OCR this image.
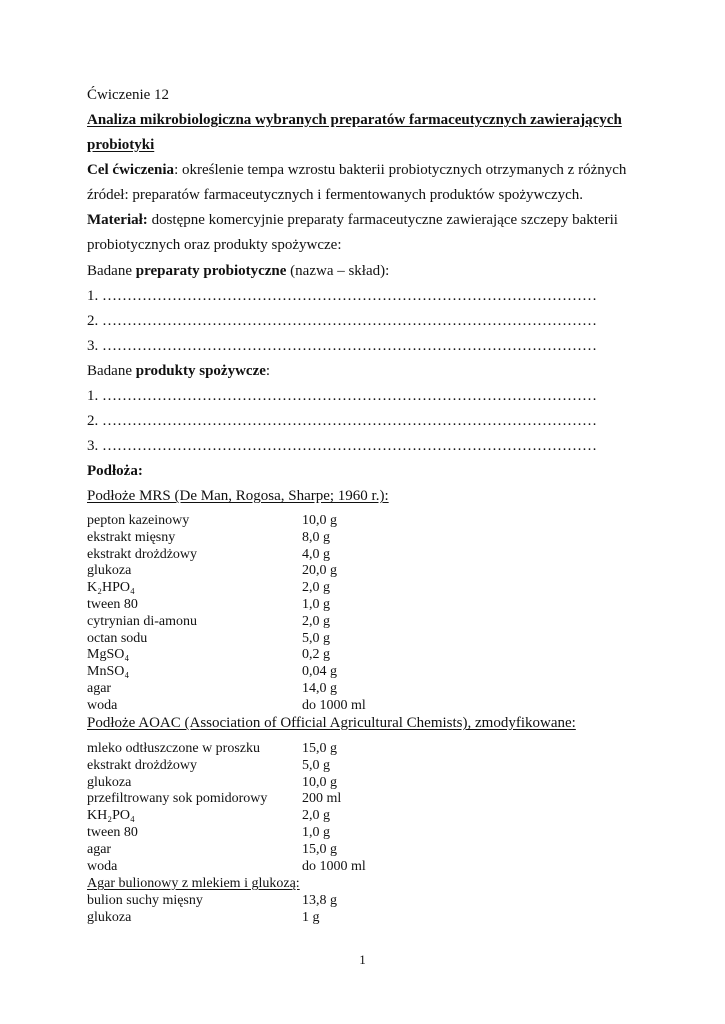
Ćwiczenie 12
Analiza mikrobiologiczna wybranych preparatów farmaceutycznych zawierających
probiotyki
Cel ćwiczenia: określenie tempa wzrostu bakterii probiotycznych otrzymanych z różnych
źródeł: preparatów farmaceutycznych i fermentowanych produktów spożywczych.
Materiał: dostępne komercyjnie preparaty farmaceutyczne zawierające szczepy bakterii
probiotycznych oraz produkty spożywcze:
Badane preparaty probiotyczne (nazwa – skład):
1. ………………………………………………………………………………………
2. ………………………………………………………………………………………
3. ………………………………………………………………………………………
Badane produkty spożywcze:
1. ………………………………………………………………………………………
2. ………………………………………………………………………………………
3. ………………………………………………………………………………………
Podłoża:
Podłoże MRS (De Man, Rogosa, Sharpe; 1960 r.):
pepton kazeinowy	10,0 g
ekstrakt mięsny	8,0 g
ekstrakt drożdżowy	4,0 g
glukoza	20,0 g
K₂HPO₄	2,0 g
tween 80	1,0 g
cytrynian di-amonu	2,0 g
octan sodu	5,0 g
MgSO₄	0,2 g
MnSO₄	0,04 g
agar	14,0 g
woda	do 1000 ml
Podłoże AOAC (Association of Official Agricultural Chemists), zmodyfikowane:
mleko odtłuszczone w proszku	15,0 g
ekstrakt drożdżowy	5,0 g
glukoza	10,0 g
przefiltrowany sok pomidorowy 200 ml
KH₂PO₄	2,0 g
tween 80	1,0 g
agar	15,0 g
woda	do 1000 ml
Agar bulionowy z mlekiem i glukozą:
bulion suchy mięsny	13,8 g
glukoza	1 g
1
